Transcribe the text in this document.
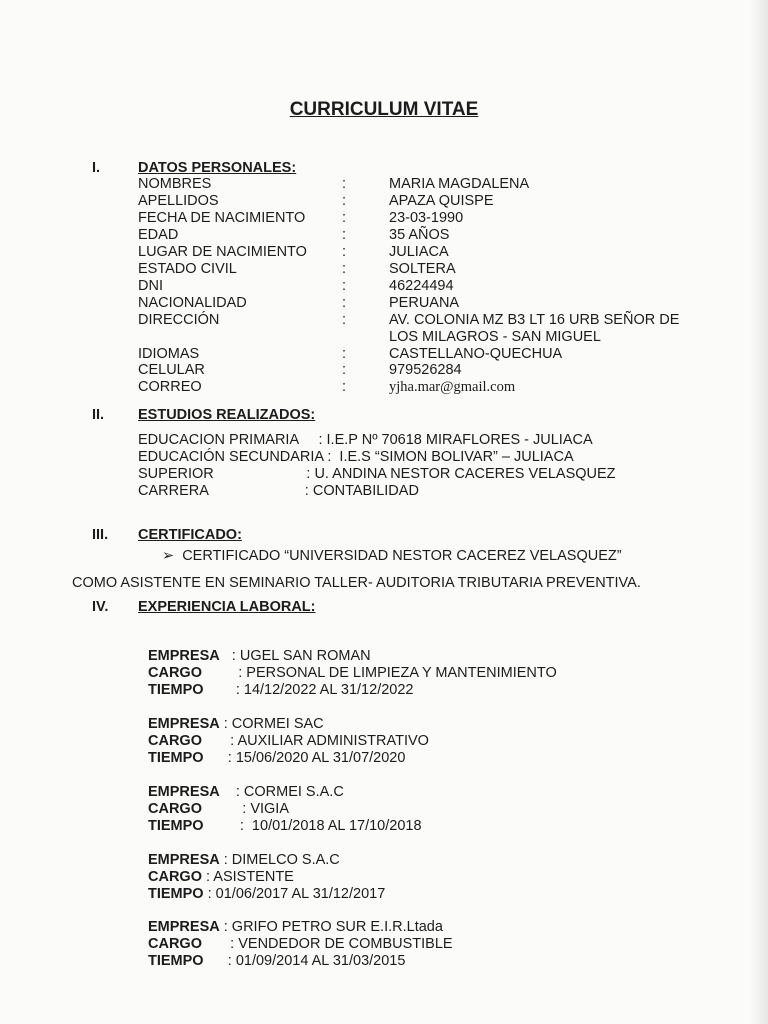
CURRICULUM VITAE
I.	DATOS PERSONALES:
NOMBRES	:	MARIA MAGDALENA
APELLIDOS	:	APAZA QUISPE
FECHA DE NACIMIENTO	:	23-03-1990
EDAD	:	35 AÑOS
LUGAR DE NACIMIENTO :	JULIACA
ESTADO CIVIL	:	SOLTERA
DNI	:	46224494
NACIONALIDAD	:	PERUANA
DIRECCIÓN	:	AV. COLONIA MZ B3 LT 16 URB SEÑOR DE
LOS MILAGROS - SAN MIGUEL
IDIOMAS	:	CASTELLANO-QUECHUA
CELULAR	:	979526284
CORREO	:	yjha.mar@gmail.com
II. ESTUDIOS REALIZADOS:
EDUCACION PRIMARIA     : I.E.P Nº 70618 MIRAFLORES - JULIACA
EDUCACIÓN SECUNDARIA :  I.E.S “SIMON BOLIVAR” – JULIACA
SUPERIOR                       : U. ANDINA NESTOR CACERES VELASQUEZ
CARRERA                        : CONTABILIDAD
III. CERTIFICADO:
➢  CERTIFICADO “UNIVERSIDAD NESTOR CACEREZ VELASQUEZ”
COMO ASISTENTE EN SEMINARIO TALLER- AUDITORIA TRIBUTARIA PREVENTIVA.
IV. EXPERIENCIA LABORAL:
EMPRESA   : UGEL SAN ROMAN
CARGO         : PERSONAL DE LIMPIEZA Y MANTENIMIENTO
TIEMPO        : 14/12/2022 AL 31/12/2022
EMPRESA : CORMEI SAC
CARGO       : AUXILIAR ADMINISTRATIVO
TIEMPO      : 15/06/2020 AL 31/07/2020
EMPRESA    : CORMEI S.A.C
CARGO          : VIGIA
TIEMPO         :  10/01/2018 AL 17/10/2018
EMPRESA : DIMELCO S.A.C
CARGO : ASISTENTE
TIEMPO : 01/06/2017 AL 31/12/2017
EMPRESA : GRIFO PETRO SUR E.I.R.Ltada
CARGO       : VENDEDOR DE COMBUSTIBLE
TIEMPO      : 01/09/2014 AL 31/03/2015
